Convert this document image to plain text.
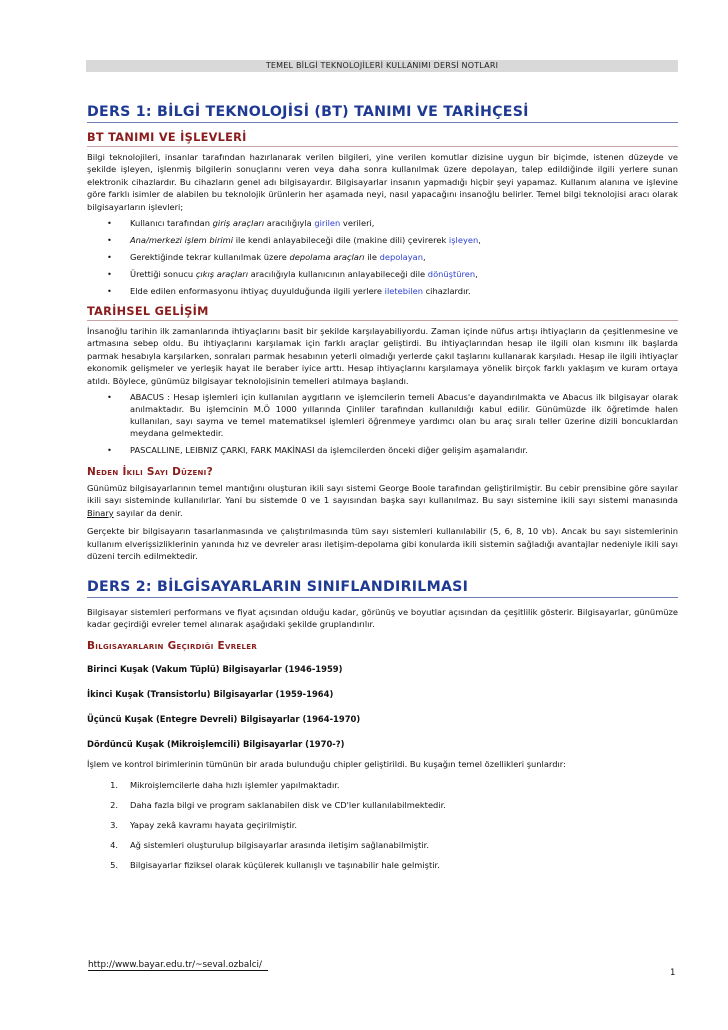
TEMEL BİLGİ TEKNOLOJİLERİ KULLANIMI DERSİ NOTLARI
DERS 1: BİLGİ TEKNOLOJİSİ (BT) TANIMI VE TARİHÇESİ
BT TANIMI VE İŞLEVLERİ
Bilgi teknolojileri, insanlar tarafından hazırlanarak verilen bilgileri, yine verilen komutlar dizisine uygun bir biçimde, istenen düzeyde ve şekilde işleyen, işlenmiş bilgilerin sonuçlarını veren veya daha sonra kullanılmak üzere depolayan, talep edildiğinde ilgili yerlere sunan elektronik cihazlardır. Bu cihazların genel adı bilgisayardır. Bilgisayarlar insanın yapmadığı hiçbir şeyi yapamaz. Kullanım alanına ve işlevine göre farklı isimler de alabilen bu teknolojik ürünlerin her aşamada neyi, nasıl yapacağını insanoğlu belirler. Temel bilgi teknolojisi aracı olarak bilgisayarların işlevleri;
• Kullanıcı tarafından giriş araçları aracılığıyla girilen verileri,
• Ana/merkezi işlem birimi ile kendi anlayabileceği dile (makine dili) çevirerek işleyen,
• Gerektiğinde tekrar kullanılmak üzere depolama araçları ile depolayan,
• Ürettiği sonucu çıkış araçları aracılığıyla kullanıcının anlayabileceği dile dönüştüren,
• Elde edilen enformasyonu ihtiyaç duyulduğunda ilgili yerlere iletebilen cihazlardır.
TARİHSEL GELİŞİM
İnsanoğlu tarihin ilk zamanlarında ihtiyaçlarını basit bir şekilde karşılayabiliyordu. Zaman içinde nüfus artışı ihtiyaçların da çeşitlenmesine ve artmasına sebep oldu. Bu ihtiyaçlarını karşılamak için farklı araçlar geliştirdi. Bu ihtiyaçlarından hesap ile ilgili olan kısmını ilk başlarda parmak hesabıyla karşılarken, sonraları parmak hesabının yeterli olmadığı yerlerde çakıl taşlarını kullanarak karşıladı. Hesap ile ilgili ihtiyaçlar ekonomik gelişmeler ve yerleşik hayat ile beraber iyice arttı. Hesap ihtiyaçlarını karşılamaya yönelik birçok farklı yaklaşım ve kuram ortaya atıldı. Böylece, günümüz bilgisayar teknolojisinin temelleri atılmaya başlandı.
• ABACUS : Hesap işlemleri için kullanılan aygıtların ve işlemcilerin temeli Abacus'e dayandırılmakta ve Abacus ilk bilgisayar olarak anılmaktadır. Bu işlemcinin M.Ö 1000 yıllarında Çinliler tarafından kullanıldığı kabul edilir. Günümüzde ilk öğretimde halen kullanılan, sayı sayma ve temel matematiksel işlemleri öğrenmeye yardımcı olan bu araç sıralı teller üzerine dizili boncuklardan meydana gelmektedir.
• PASCALLINE, LEIBNIZ ÇARKI, FARK MAKİNASI da işlemcilerden önceki diğer gelişim aşamalarıdır.
Neden İkili Sayı Düzeni?
Günümüz bilgisayarlarının temel mantığını oluşturan ikili sayı sistemi George Boole tarafından geliştirilmiştir. Bu cebir prensibine göre sayılar ikili sayı sisteminde kullanılırlar. Yani bu sistemde 0 ve 1 sayısından başka sayı kullanılmaz. Bu sayı sistemine ikili sayı sistemi manasında Binary sayılar da denir.
Gerçekte bir bilgisayarın tasarlanmasında ve çalıştırılmasında tüm sayı sistemleri kullanılabilir (5, 6, 8, 10 vb). Ancak bu sayı sistemlerinin kullanım elverişsizliklerinin yanında hız ve devreler arası iletişim-depolama gibi konularda ikili sistemin sağladığı avantajlar nedeniyle ikili sayı düzeni tercih edilmektedir.
DERS 2: BİLGİSAYARLARIN SINIFLANDIRILMASI
Bilgisayar sistemleri performans ve fiyat açısından olduğu kadar, görünüş ve boyutlar açısından da çeşitlilik gösterir. Bilgisayarlar, günümüze kadar geçirdiği evreler temel alınarak aşağıdaki şekilde gruplandırılır.
Bilgisayarların Geçirdiği Evreler
Birinci Kuşak (Vakum Tüplü) Bilgisayarlar (1946-1959)
İkinci Kuşak (Transistorlu) Bilgisayarlar (1959-1964)
Üçüncü Kuşak (Entegre Devreli) Bilgisayarlar (1964-1970)
Dördüncü Kuşak (Mikroişlemcili) Bilgisayarlar (1970-?)
İşlem ve kontrol birimlerinin tümünün bir arada bulunduğu chipler geliştirildi. Bu kuşağın temel özellikleri şunlardır:
1. Mikroişlemcilerle daha hızlı işlemler yapılmaktadır.
2. Daha fazla bilgi ve program saklanabilen disk ve CD'ler kullanılabilmektedir.
3. Yapay zekâ kavramı hayata geçirilmiştir.
4. Ağ sistemleri oluşturulup bilgisayarlar arasında iletişim sağlanabilmiştir.
5. Bilgisayarlar fiziksel olarak küçülerek kullanışlı ve taşınabilir hale gelmiştir.
http://www.bayar.edu.tr/~seval.ozbalci/
1
